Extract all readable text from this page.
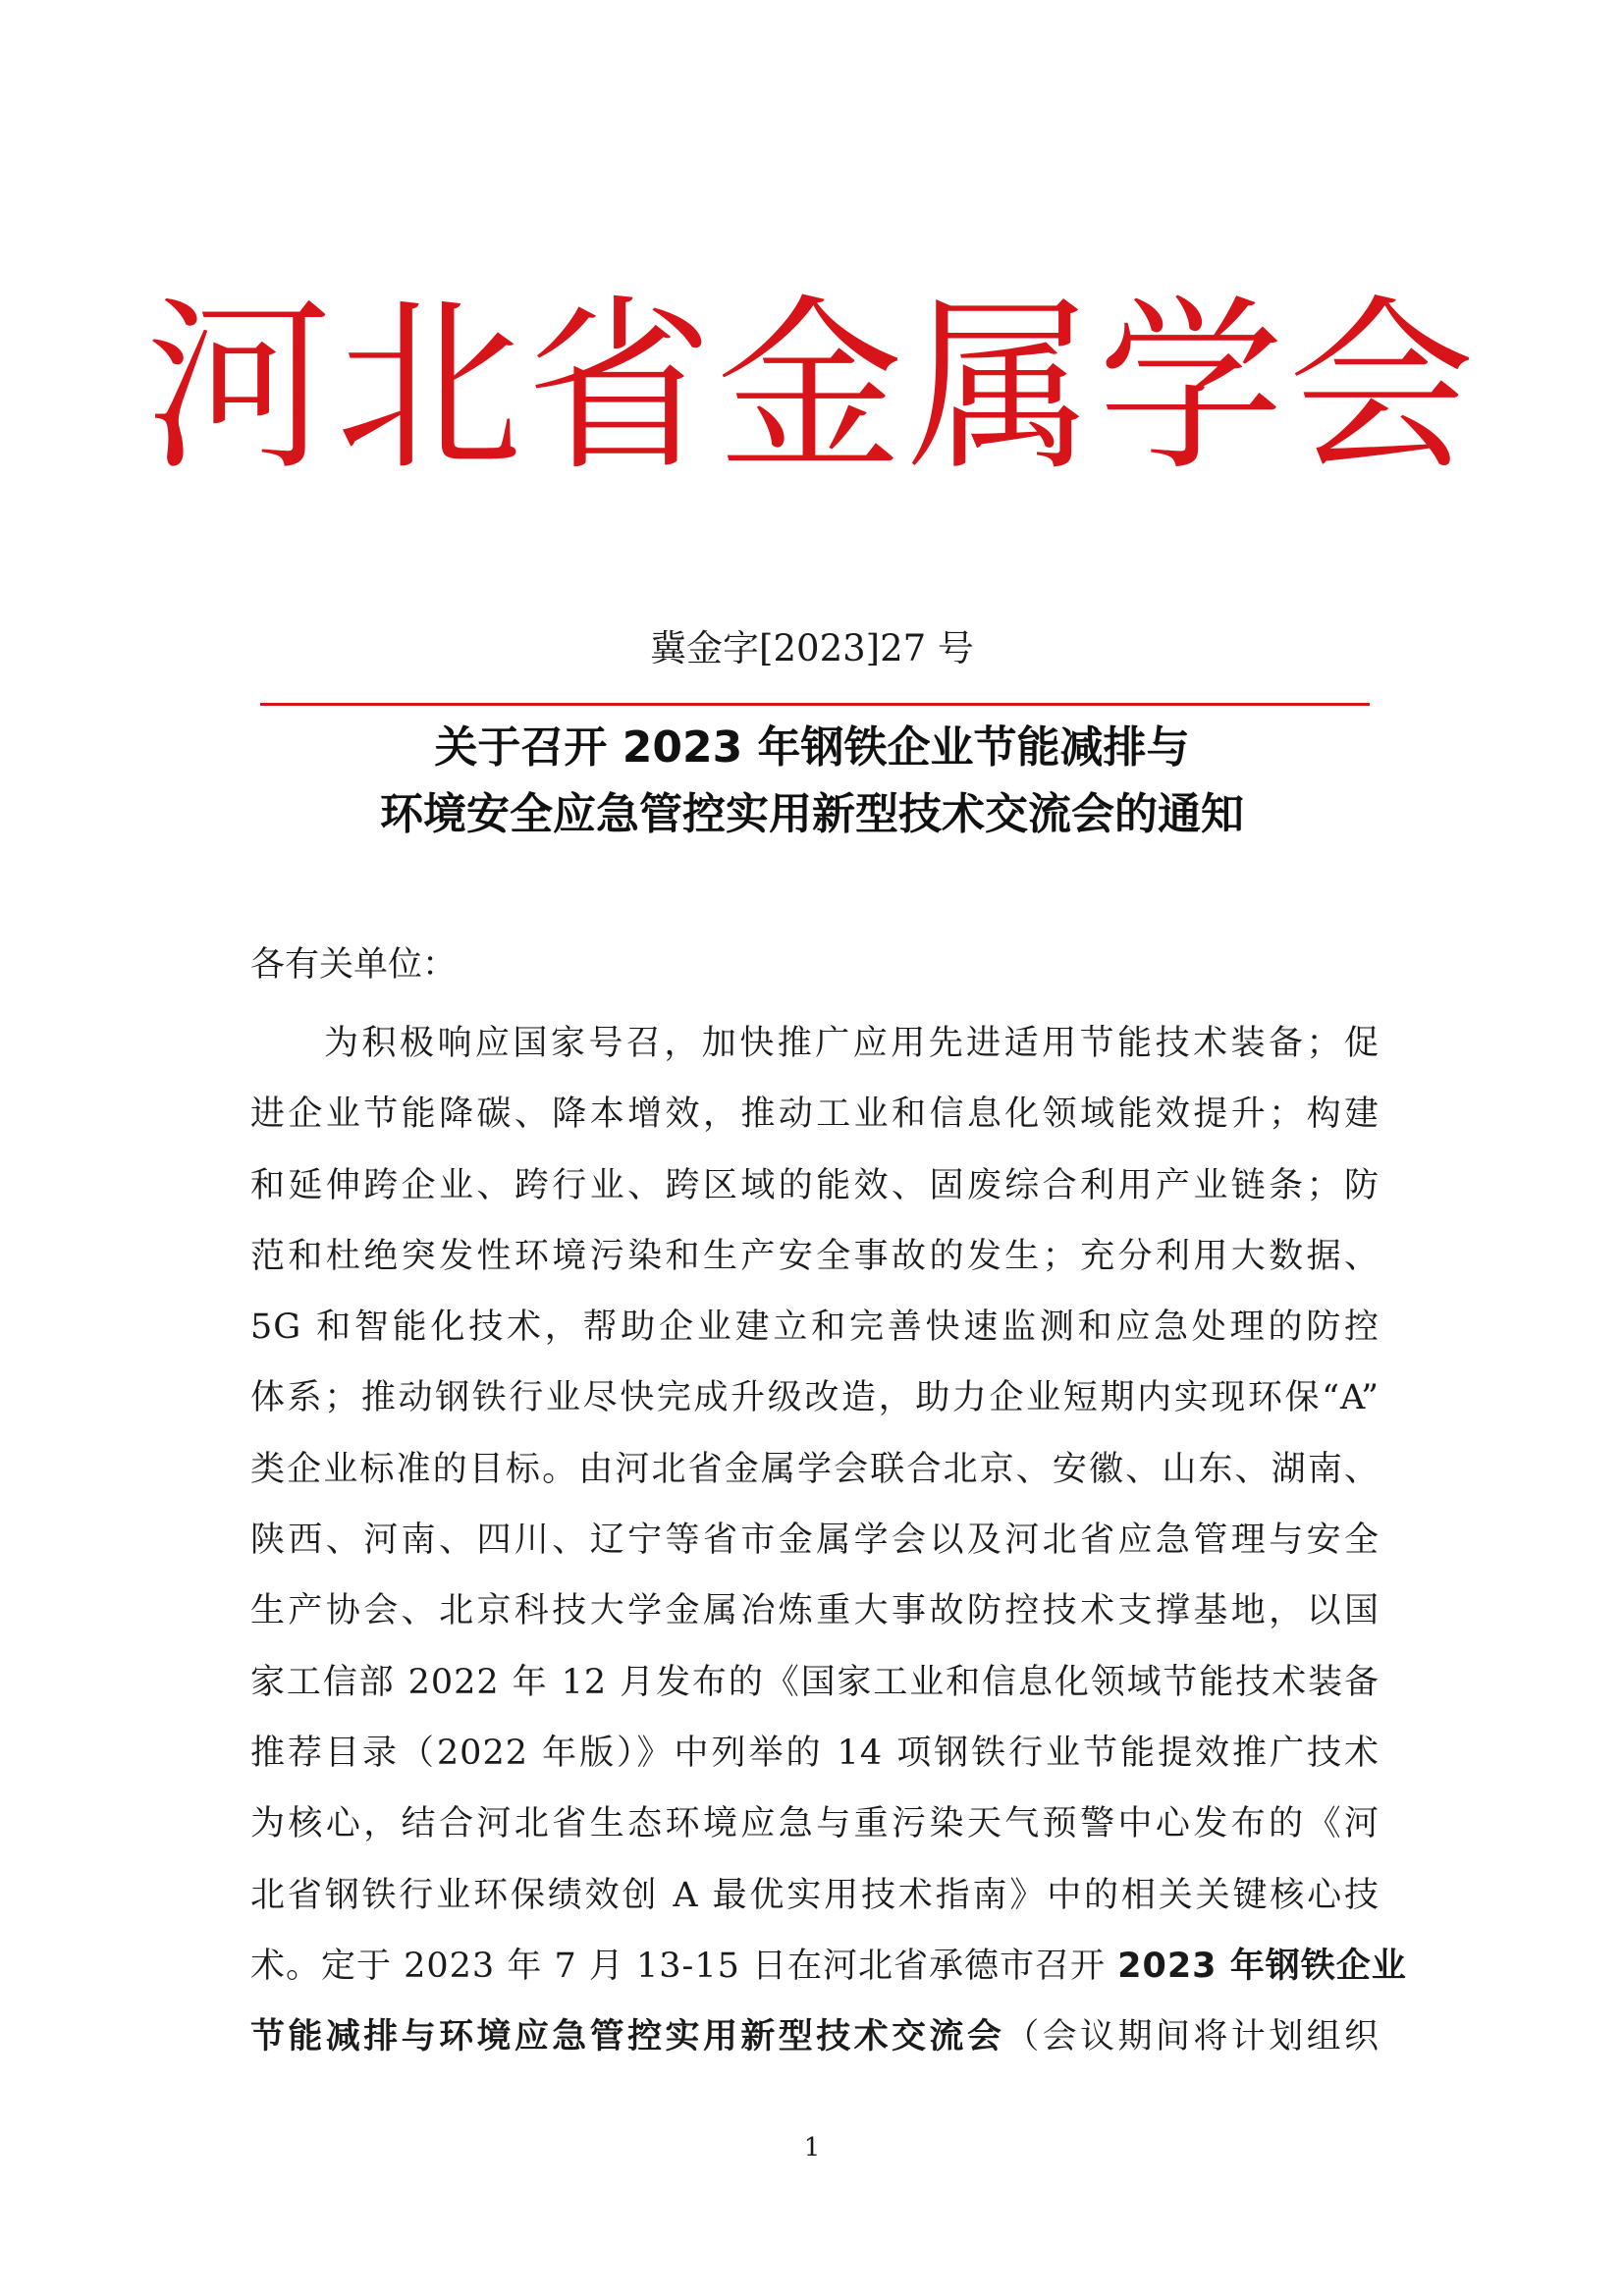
河北省金属学会
冀金字[2023]27 号
关于召开 2023 年钢铁企业节能减排与
环境安全应急管控实用新型技术交流会的通知
各有关单位：
为积极响应国家号召，加快推广应用先进适用节能技术装备；促
进企业节能降碳、降本增效，推动工业和信息化领域能效提升；构建
和延伸跨企业、跨行业、跨区域的能效、固废综合利用产业链条；防
范和杜绝突发性环境污染和生产安全事故的发生；充分利用大数据、
5G 和智能化技术，帮助企业建立和完善快速监测和应急处理的防控
体系；推动钢铁行业尽快完成升级改造，助力企业短期内实现环保“A”
类企业标准的目标。由河北省金属学会联合北京、安徽、山东、湖南、
陕西、河南、四川、辽宁等省市金属学会以及河北省应急管理与安全
生产协会、北京科技大学金属冶炼重大事故防控技术支撑基地，以国
家工信部 2022 年 12 月发布的《国家工业和信息化领域节能技术装备
推荐目录（2022 年版）》中列举的 14 项钢铁行业节能提效推广技术
为核心，结合河北省生态环境应急与重污染天气预警中心发布的《河
北省钢铁行业环保绩效创 A 最优实用技术指南》中的相关关键核心技
术。定于 2023 年 7 月 13-15 日在河北省承德市召开 2023 年钢铁企业
节能减排与环境应急管控实用新型技术交流会（会议期间将计划组织
1
